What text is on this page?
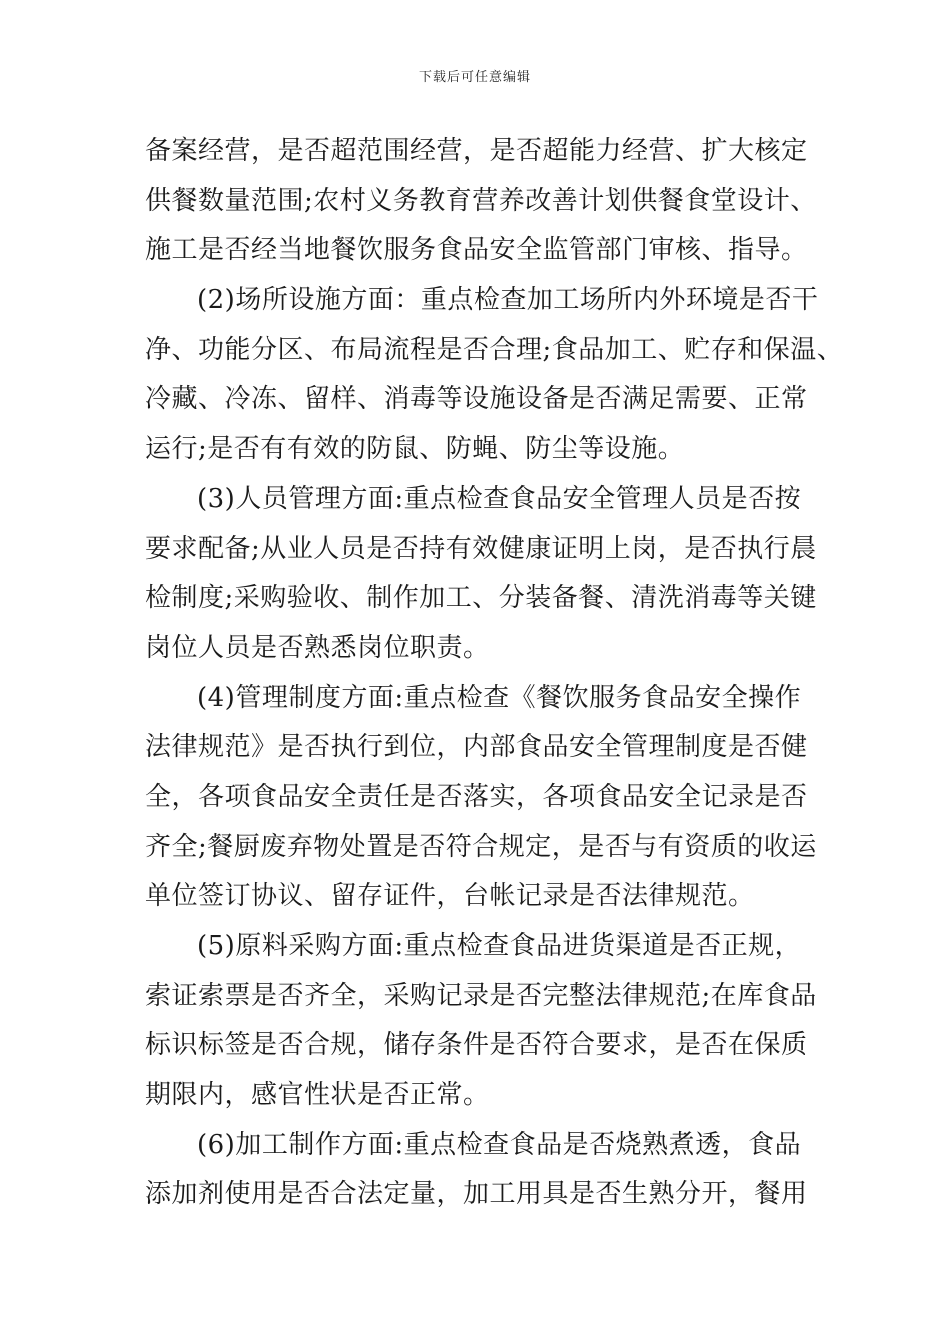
下载后可任意编辑
备案经营，是否超范围经营，是否超能力经营、扩大核定
供餐数量范围;农村义务教育营养改善计划供餐食堂设计、
施工是否经当地餐饮服务食品安全监管部门审核、指导。
(2)场所设施方面：重点检查加工场所内外环境是否干
净、功能分区、布局流程是否合理;食品加工、贮存和保温、
冷藏、冷冻、留样、消毒等设施设备是否满足需要、正常
运行;是否有有效的防鼠、防蝇、防尘等设施。
(3)人员管理方面:重点检查食品安全管理人员是否按
要求配备;从业人员是否持有效健康证明上岗，是否执行晨
检制度;采购验收、制作加工、分装备餐、清洗消毒等关键
岗位人员是否熟悉岗位职责。
(4)管理制度方面:重点检查《餐饮服务食品安全操作
法律规范》是否执行到位，内部食品安全管理制度是否健
全，各项食品安全责任是否落实，各项食品安全记录是否
齐全;餐厨废弃物处置是否符合规定，是否与有资质的收运
单位签订协议、留存证件，台帐记录是否法律规范。
(5)原料采购方面:重点检查食品进货渠道是否正规，
索证索票是否齐全，采购记录是否完整法律规范;在库食品
标识标签是否合规，储存条件是否符合要求，是否在保质
期限内，感官性状是否正常。
(6)加工制作方面:重点检查食品是否烧熟煮透，食品
添加剂使用是否合法定量，加工用具是否生熟分开，餐用
